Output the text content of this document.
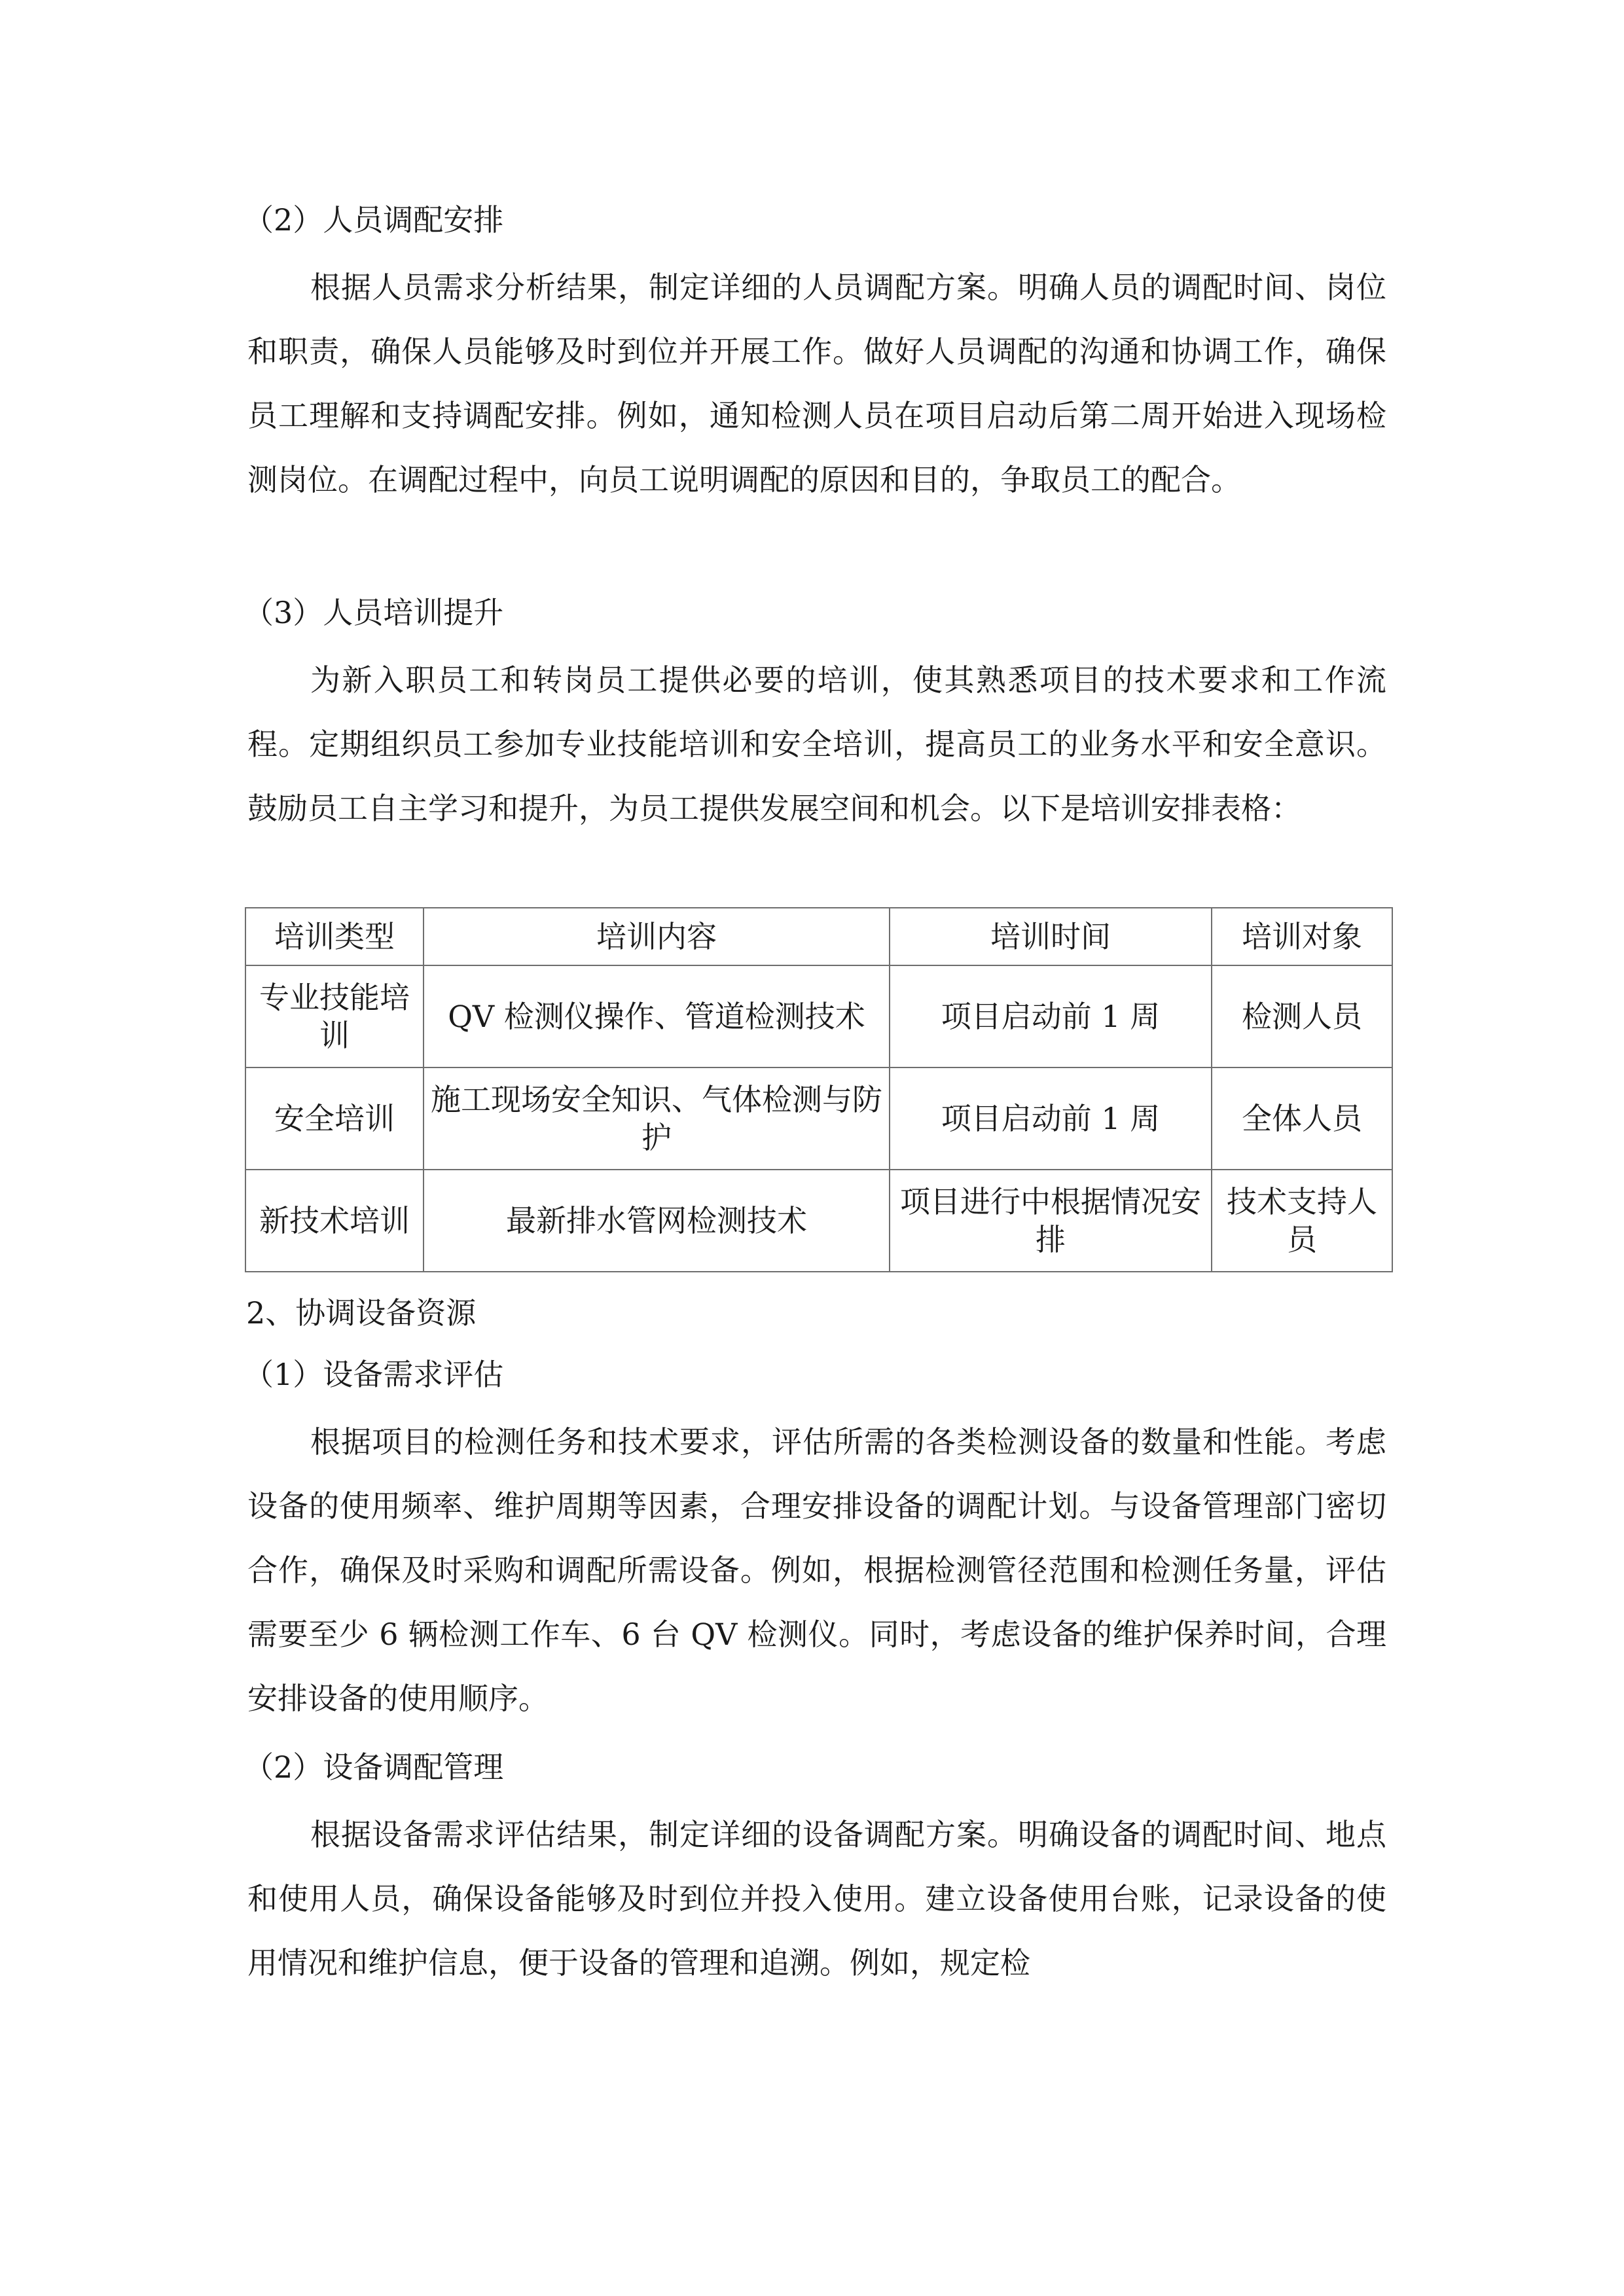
（2）人员调配安排

根据人员需求分析结果，制定详细的人员调配方案。明确人员的调配时间、岗位和职责，确保人员能够及时到位并开展工作。做好人员调配的沟通和协调工作，确保员工理解和支持调配安排。例如，通知检测人员在项目启动后第二周开始进入现场检测岗位。在调配过程中，向员工说明调配的原因和目的，争取员工的配合。

（3）人员培训提升

为新入职员工和转岗员工提供必要的培训，使其熟悉项目的技术要求和工作流程。定期组织员工参加专业技能培训和安全培训，提高员工的业务水平和安全意识。鼓励员工自主学习和提升，为员工提供发展空间和机会。以下是培训安排表格：

培训类型	培训内容	培训时间	培训对象
专业技能培训	QV 检测仪操作、管道检测技术	项目启动前 1 周	检测人员
安全培训	施工现场安全知识、气体检测与防护	项目启动前 1 周	全体人员
新技术培训	最新排水管网检测技术	项目进行中根据情况安排	技术支持人员
2、协调设备资源
（1）设备需求评估

根据项目的检测任务和技术要求，评估所需的各类检测设备的数量和性能。考虑设备的使用频率、维护周期等因素，合理安排设备的调配计划。与设备管理部门密切合作，确保及时采购和调配所需设备。例如，根据检测管径范围和检测任务量，评估需要至少 6 辆检测工作车、6 台 QV 检测仪。同时，考虑设备的维护保养时间，合理安排设备的使用顺序。

（2）设备调配管理

根据设备需求评估结果，制定详细的设备调配方案。明确设备的调配时间、地点和使用人员，确保设备能够及时到位并投入使用。建立设备使用台账，记录设备的使用情况和维护信息，便于设备的管理和追溯。例如，规定检
